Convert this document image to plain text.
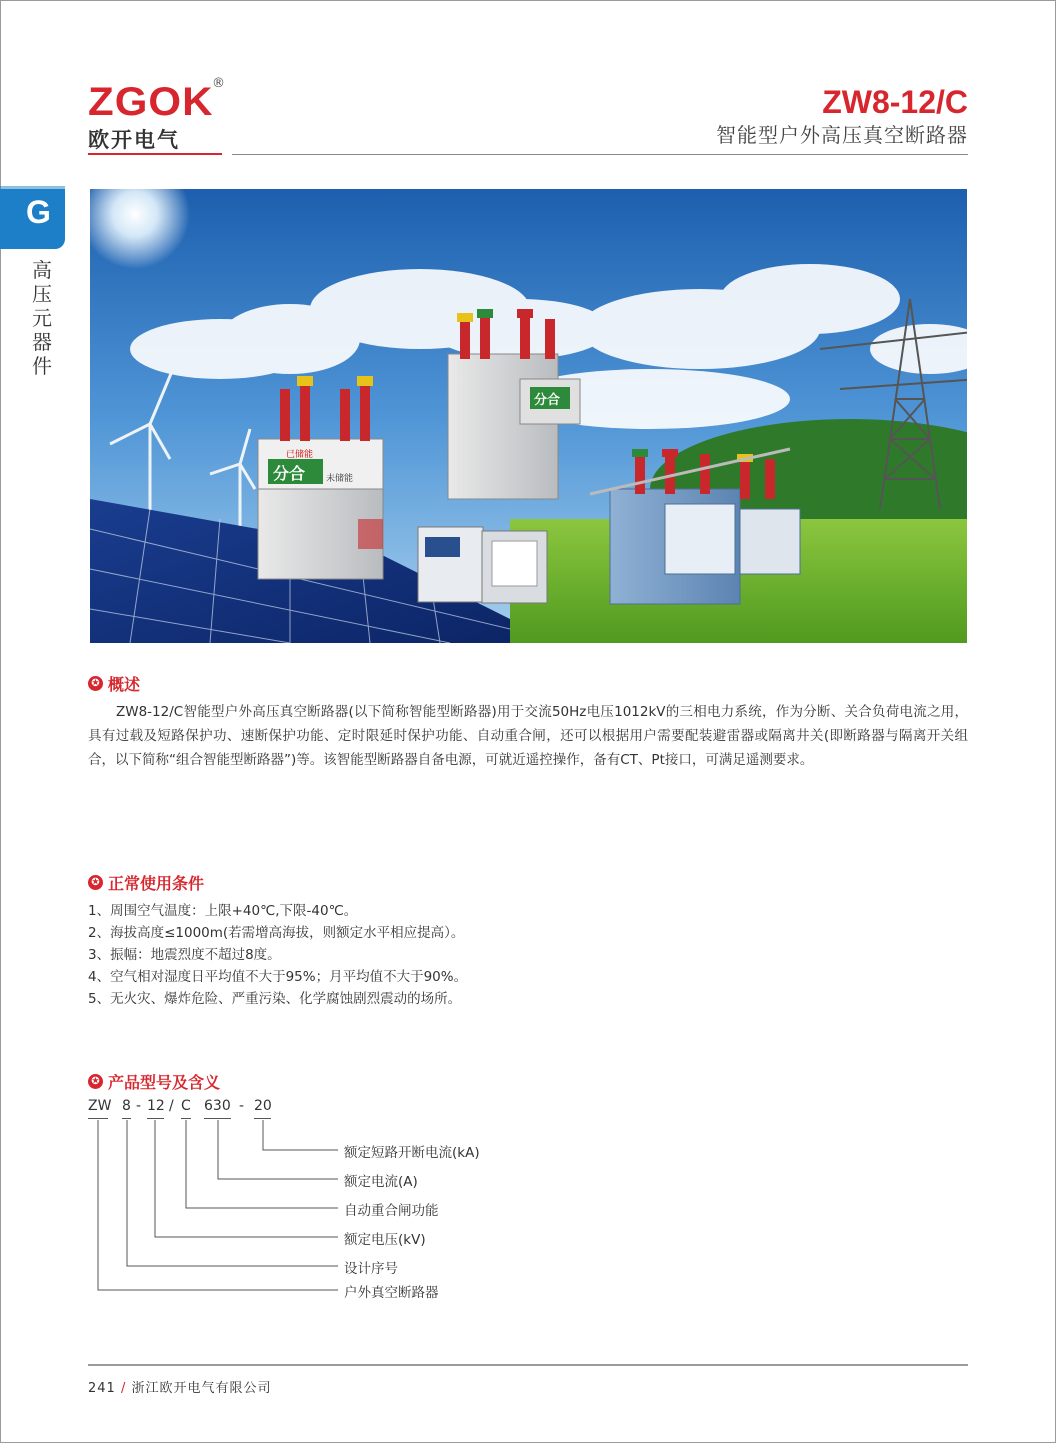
ZGOK
®
欧开电气
ZW8-12/C
智能型户外高压真空断路器
G
高压元器件
分合
已储能
未储能
分合
✪ 概述
ZW8-12/C智能型户外高压真空断路器(以下简称智能型断路器)用于交流50Hz电压1012kV的三相电力系统，作为分断、关合负荷电流之用，具有过载及短路保护功、速断保护功能、定时限延时保护功能、自动重合闸，还可以根据用户需要配装避雷器或隔离井关(即断路器与隔离开关组合，以下简称“组合智能型断路器”)等。该智能型断路器自备电源，可就近遥控操作，备有CT、Pt接口，可满足遥测要求。
✪ 正常使用条件
1、周围空气温度：上限+40℃,下限-40℃。
2、海拔高度≤1000m(若需增高海拔，则额定水平相应提高）。
3、振幅：地震烈度不超过8度。
4、空气相对湿度日平均值不大于95%；月平均值不大于90%。
5、无火灾、爆炸危险、严重污染、化学腐蚀剧烈震动的场所。
✪ 产品型号及含义
ZW 8 - 12 / C 630 - 20
额定短路开断电流(kA)
额定电流(A)
自动重合闸功能
额定电压(kV)
设计序号
户外真空断路器
241 / 浙江欧开电气有限公司
